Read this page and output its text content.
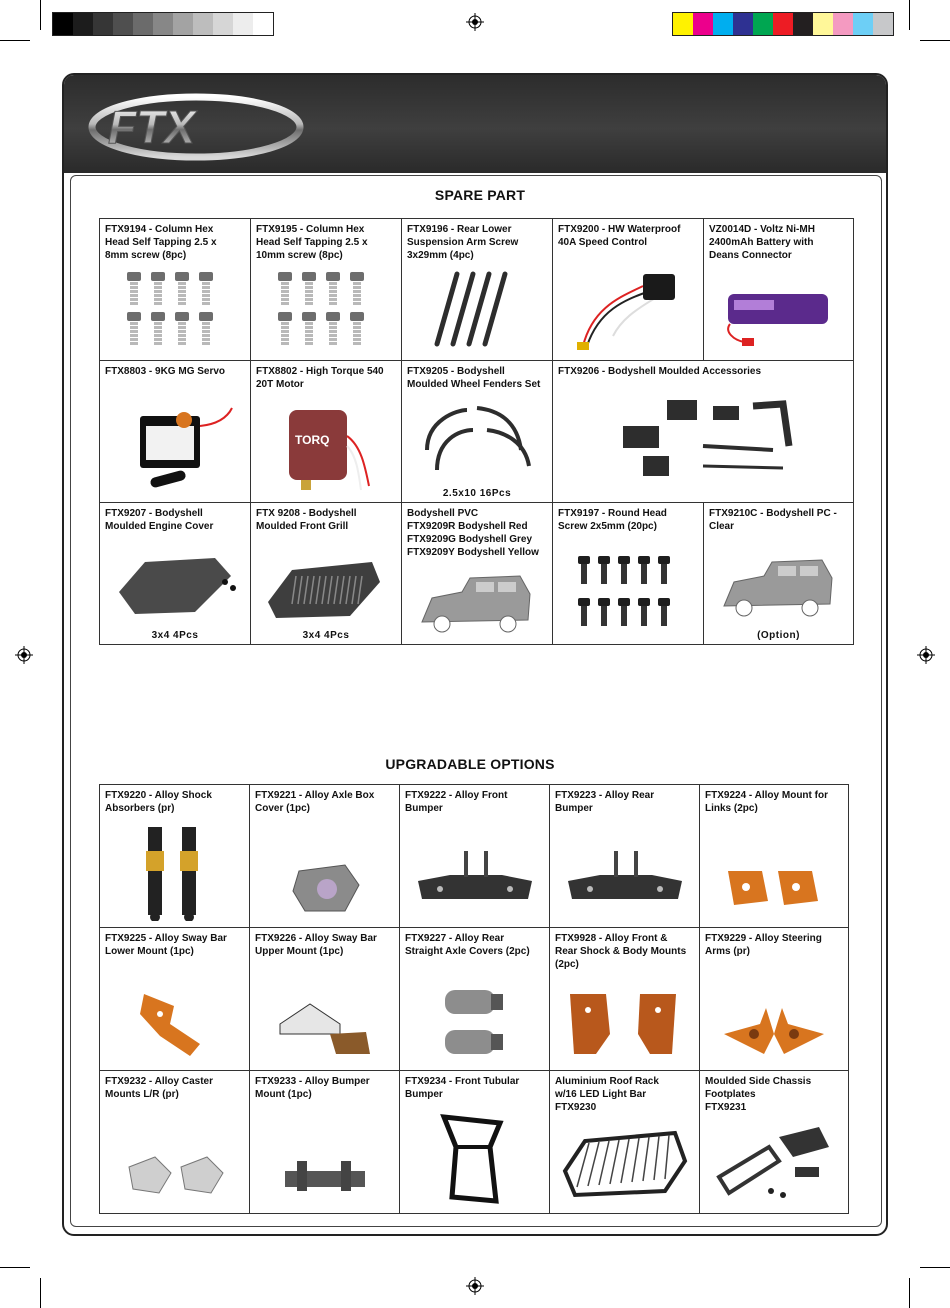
FTX
SPARE PART
FTX9194 - Column Hex
Head Self Tapping 2.5 x
8mm screw (8pc)
FTX9195 - Column Hex
Head Self Tapping 2.5 x
10mm screw (8pc)
FTX9196 - Rear Lower
Suspension Arm Screw
3x29mm (4pc)
FTX9200 - HW Waterproof
40A Speed Control
VZ0014D - Voltz Ni-MH
2400mAh Battery with
Deans Connector
FTX8803 - 9KG MG Servo	FTX8802 - High Torque 540
20T Motor
TORQ
FTX9205 - Bodyshell
Moulded Wheel Fenders Set
2.5x10 16Pcs
FTX9206 - Bodyshell Moulded Accessories
FTX9207 - Bodyshell
Moulded Engine Cover
3x4 4Pcs
FTX 9208 - Bodyshell
Moulded Front Grill
3x4 4Pcs
Bodyshell PVC
FTX9209R Bodyshell Red
FTX9209G Bodyshell Grey
FTX9209Y Bodyshell Yellow
FTX9197 - Round Head
Screw 2x5mm (20pc)
FTX9210C - Bodyshell PC -
Clear
(Option)
UPGRADABLE OPTIONS
FTX9220 - Alloy Shock
Absorbers (pr)
FTX9221 - Alloy Axle Box
Cover (1pc)
FTX9222 - Alloy Front
Bumper
FTX9223 - Alloy Rear
Bumper
FTX9224 - Alloy Mount for
Links (2pc)
FTX9225 - Alloy Sway Bar
Lower Mount (1pc)
FTX9226 - Alloy Sway Bar
Upper Mount (1pc)
FTX9227 - Alloy Rear
Straight Axle Covers (2pc)
FTX9928 - Alloy Front &
Rear Shock & Body Mounts
(2pc)
FTX9229 - Alloy Steering
Arms (pr)
FTX9232 - Alloy Caster
Mounts L/R (pr)
FTX9233 - Alloy Bumper
Mount (1pc)
FTX9234 - Front Tubular
Bumper
Aluminium Roof Rack
w/16 LED Light Bar
FTX9230
Moulded Side Chassis
Footplates
FTX9231
